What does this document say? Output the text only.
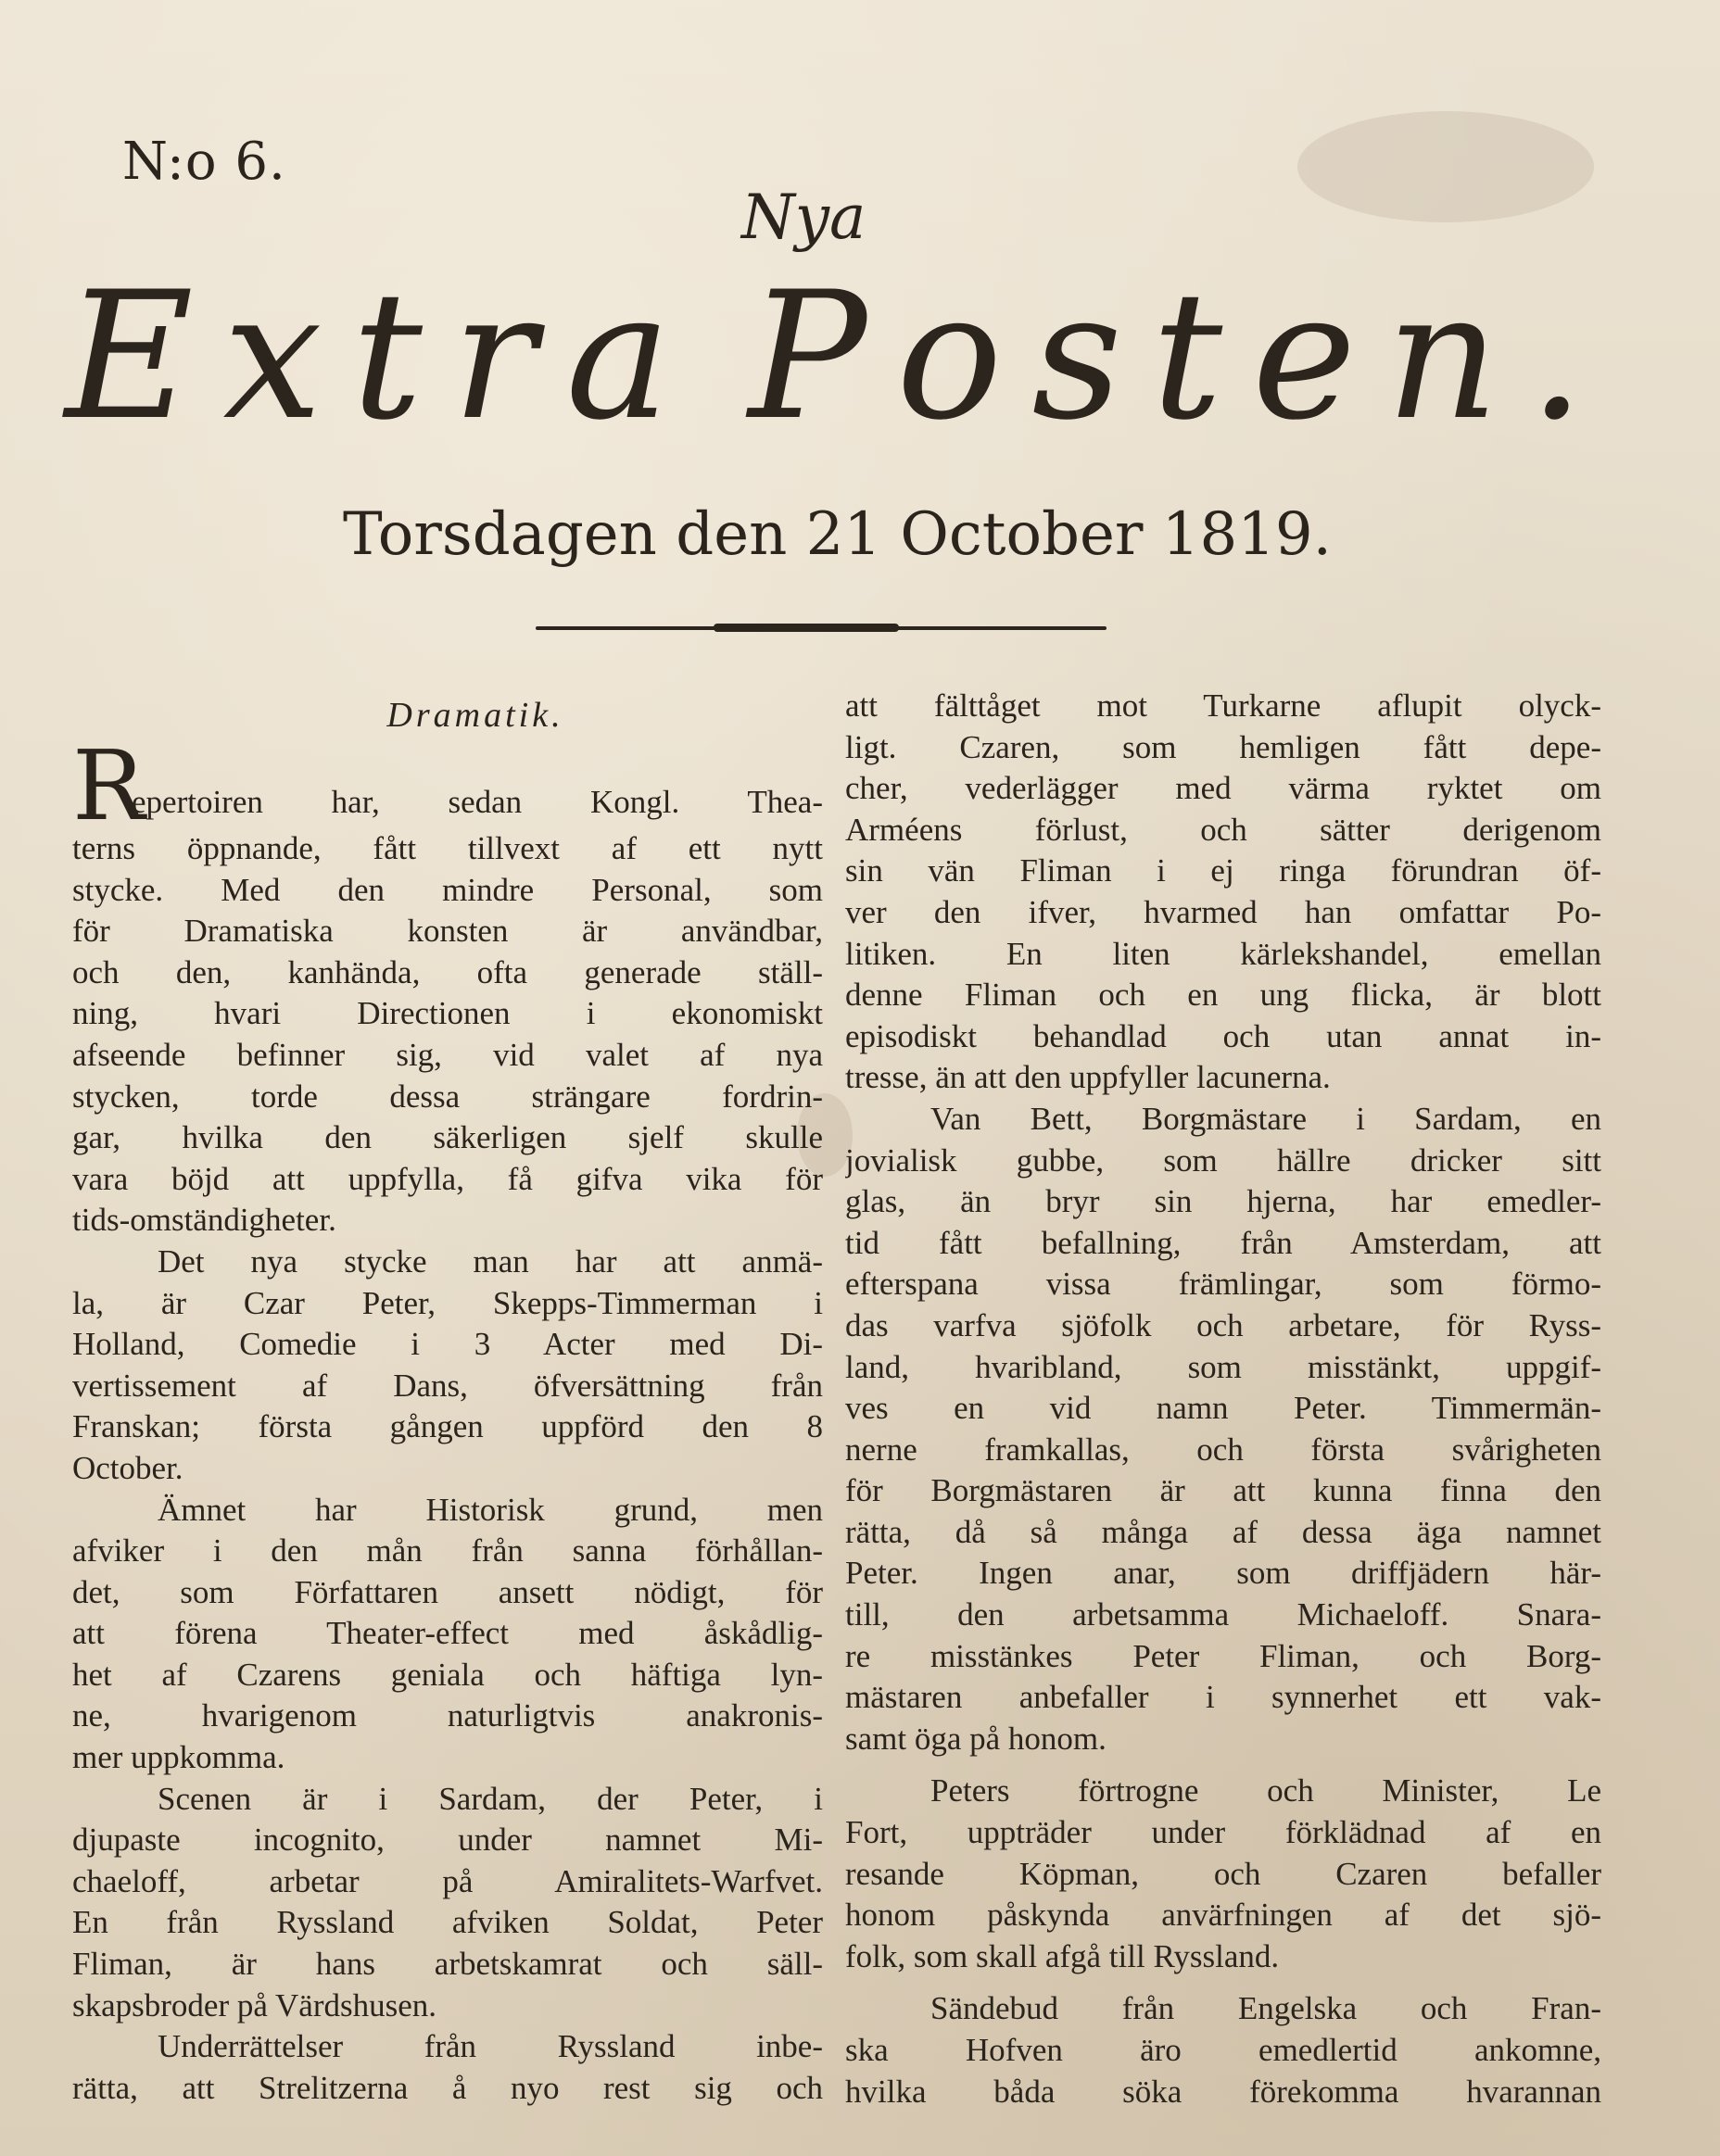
N:o 6.
Nya
E x t r a P o s t e n .
Torsdagen den 21 October 1819.
Dramatik.
R
epertoiren har, sedan Kongl. Thea-
terns öppnande, fått tillvext af ett nytt
stycke. Med den mindre Personal, som
för Dramatiska konsten är användbar,
och den, kanhända, ofta generade ställ-
ning, hvari Directionen i ekonomiskt
afseende befinner sig, vid valet af nya
stycken, torde dessa strängare fordrin-
gar, hvilka den säkerligen sjelf skulle
vara böjd att uppfylla, få gifva vika för
tids-omständigheter.
Det nya stycke man har att anmä-
la, är Czar Peter, Skepps-Timmerman i
Holland, Comedie i 3 Acter med Di-
vertissement af Dans, öfversättning från
Franskan; första gången uppförd den 8
October.
Ämnet har Historisk grund, men
afviker i den mån från sanna förhållan-
det, som Författaren ansett nödigt, för
att förena Theater-effect med åskådlig-
het af Czarens geniala och häftiga lyn-
ne, hvarigenom naturligtvis anakronis-
mer uppkomma.
Scenen är i Sardam, der Peter, i
djupaste incognito, under namnet Mi-
chaeloff, arbetar på Amiralitets-Warfvet.
En från Ryssland afviken Soldat, Peter
Fliman, är hans arbetskamrat och säll-
skapsbroder på Värdshusen.
Underrättelser från Ryssland inbe-
rätta, att Strelitzerna å nyo rest sig och
att fälttåget mot Turkarne aflupit olyck-
ligt. Czaren, som hemligen fått depe-
cher, vederlägger med värma ryktet om
Arméens förlust, och sätter derigenom
sin vän Fliman i ej ringa förundran öf-
ver den ifver, hvarmed han omfattar Po-
litiken. En liten kärlekshandel, emellan
denne Fliman och en ung flicka, är blott
episodiskt behandlad och utan annat in-
tresse, än att den uppfyller lacunerna.
Van Bett, Borgmästare i Sardam, en
jovialisk gubbe, som hällre dricker sitt
glas, än bryr sin hjerna, har emedler-
tid fått befallning, från Amsterdam, att
efterspana vissa främlingar, som förmo-
das varfva sjöfolk och arbetare, för Ryss-
land, hvaribland, som misstänkt, uppgif-
ves en vid namn Peter. Timmermän-
nerne framkallas, och första svårigheten
för Borgmästaren är att kunna finna den
rätta, då så många af dessa äga namnet
Peter. Ingen anar, som driffjädern här-
till, den arbetsamma Michaeloff. Snara-
re misstänkes Peter Fliman, och Borg-
mästaren anbefaller i synnerhet ett vak-
samt öga på honom.
Peters förtrogne och Minister, Le
Fort, uppträder under förklädnad af en
resande Köpman, och Czaren befaller
honom påskynda anvärfningen af det sjö-
folk, som skall afgå till Ryssland.
Sändebud från Engelska och Fran-
ska Hofven äro emedlertid ankomne,
hvilka båda söka förekomma hvarannan
